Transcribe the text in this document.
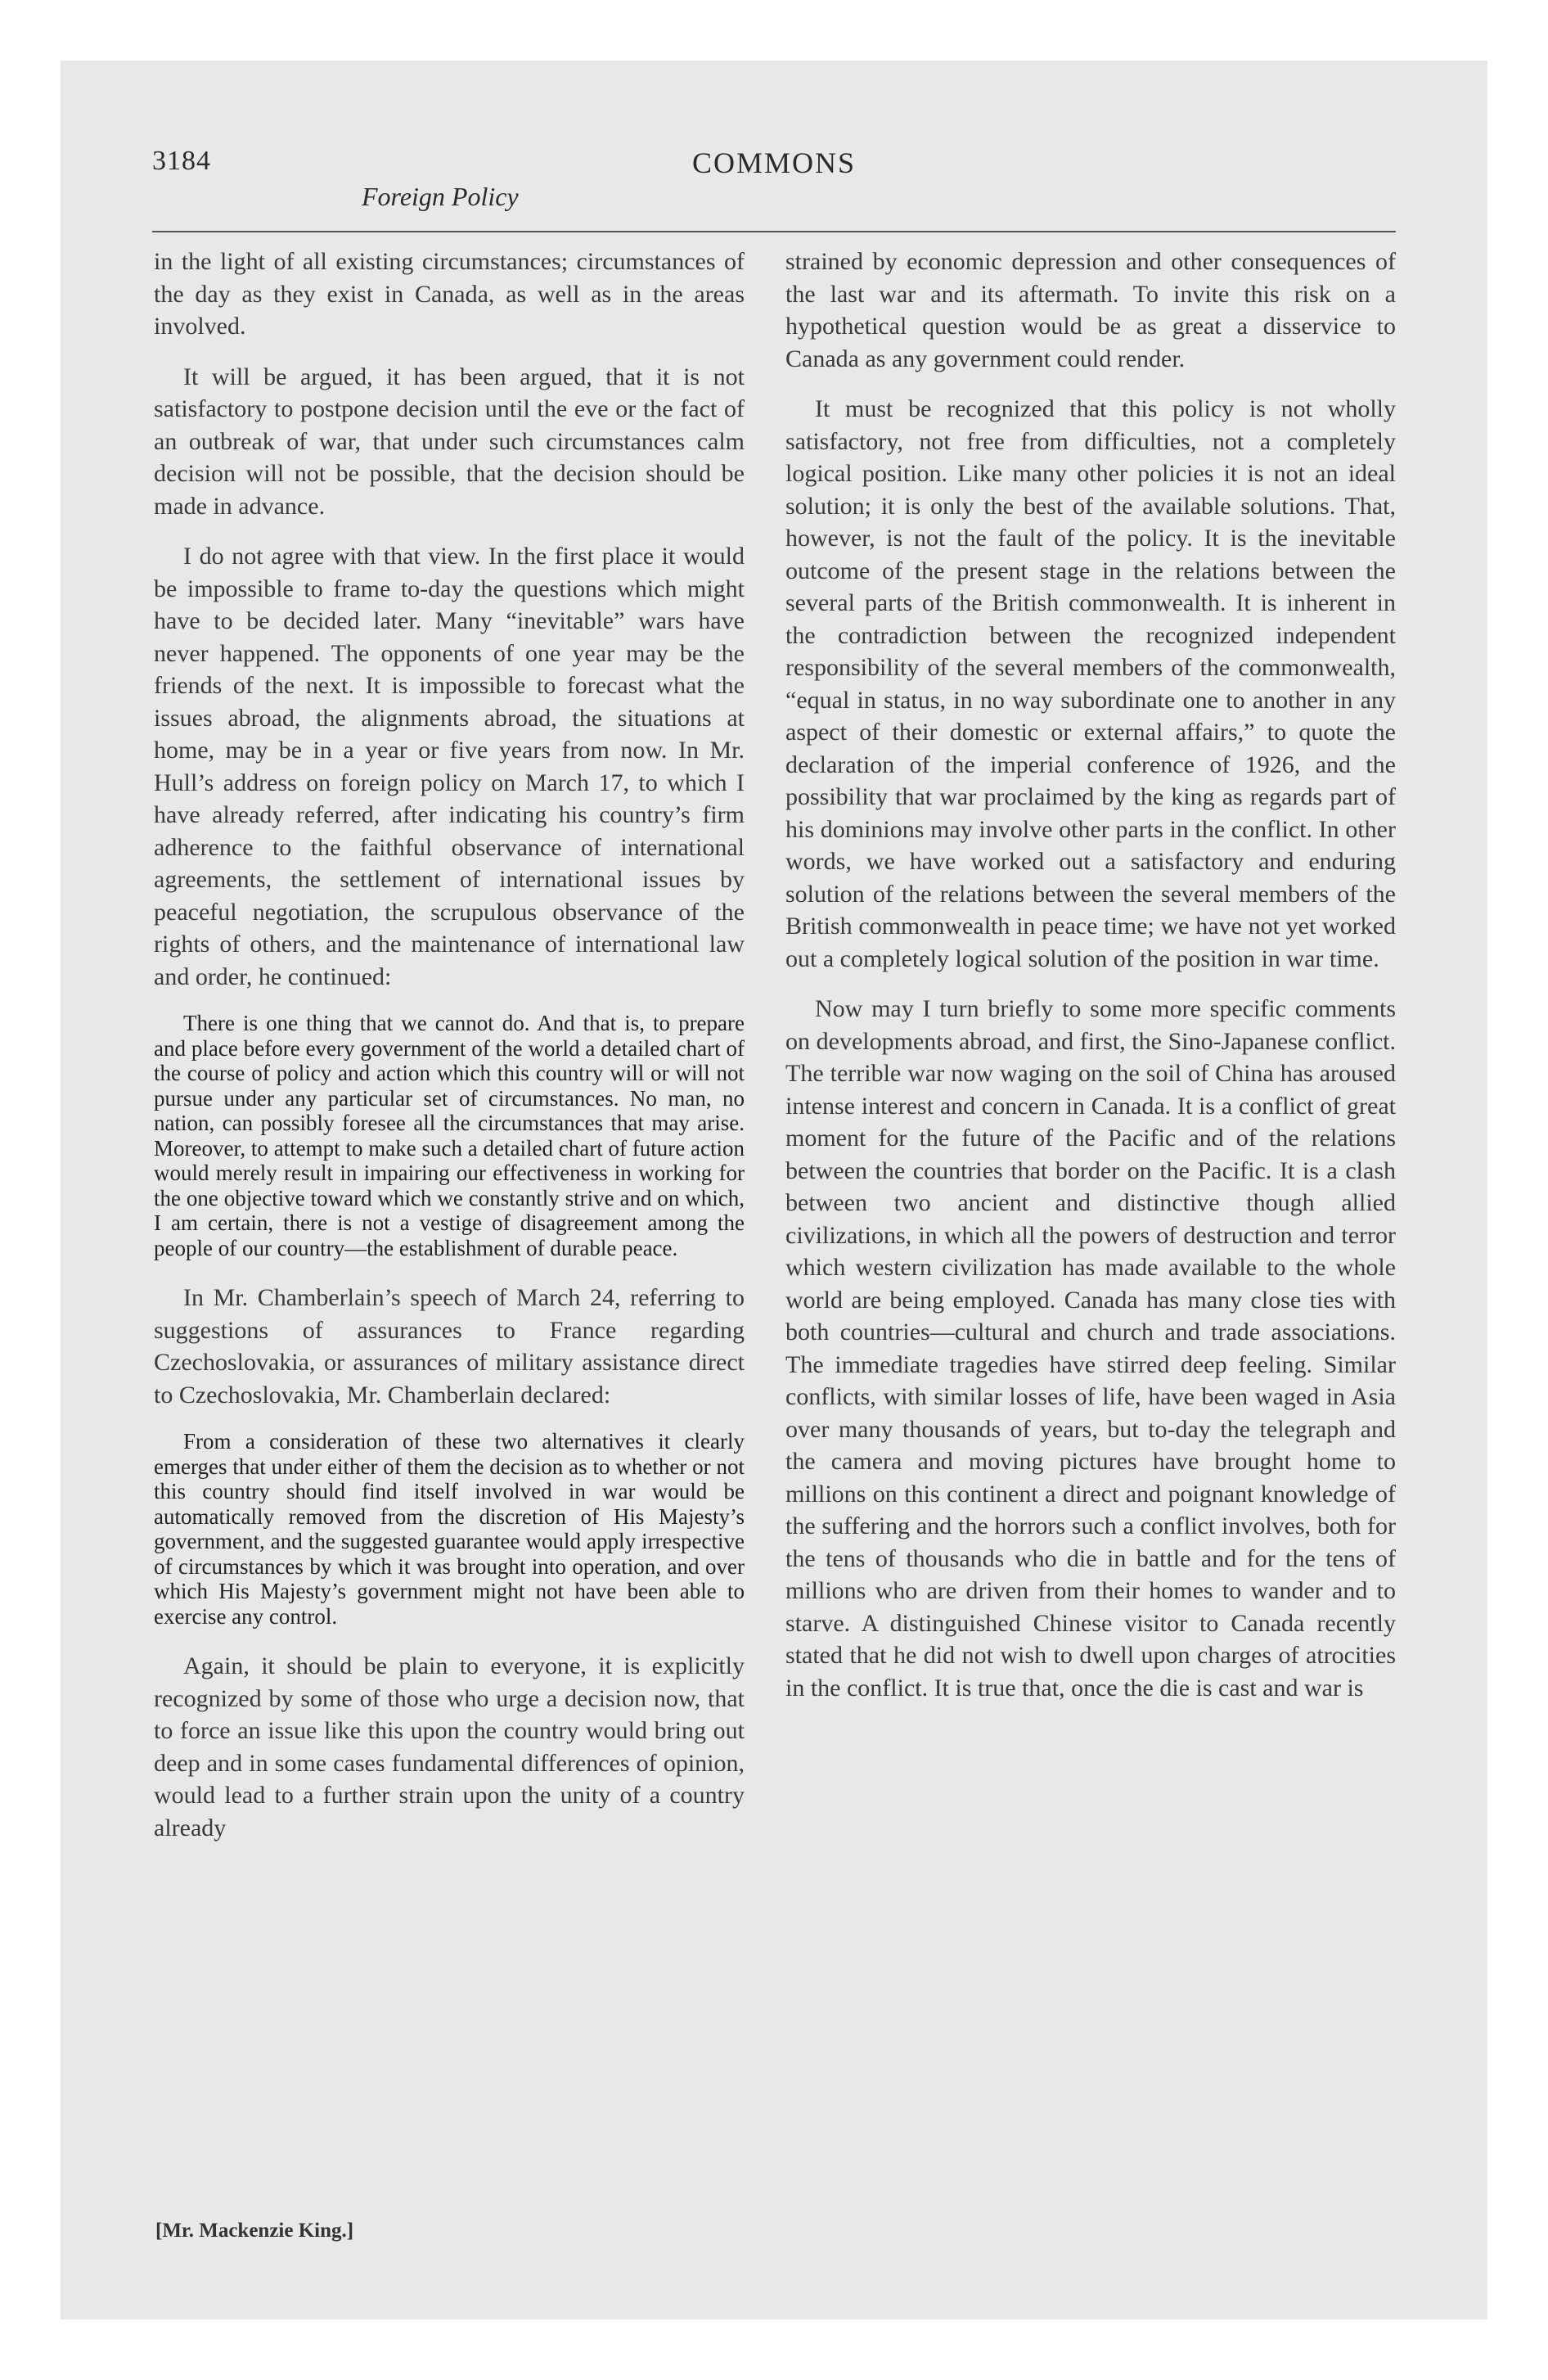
3184	COMMONS
Foreign Policy

in the light of all existing circumstances; circumstances of the day as they exist in Canada, as well as in the areas involved.

It will be argued, it has been argued, that it is not satisfactory to postpone decision until the eve or the fact of an outbreak of war, that under such circumstances calm decision will not be possible, that the decision should be made in advance.

I do not agree with that view. In the first place it would be impossible to frame to-day the questions which might have to be decided later. Many “inevitable” wars have never happened. The opponents of one year may be the friends of the next. It is impossible to forecast what the issues abroad, the alignments abroad, the situations at home, may be in a year or five years from now. In Mr. Hull’s address on foreign policy on March 17, to which I have already referred, after indicating his country’s firm adherence to the faithful observance of international agreements, the settlement of international issues by peaceful negotiation, the scrupulous observance of the rights of others, and the maintenance of international law and order, he continued:

There is one thing that we cannot do. And that is, to prepare and place before every government of the world a detailed chart of the course of policy and action which this country will or will not pursue under any particular set of circumstances. No man, no nation, can possibly foresee all the circumstances that may arise. Moreover, to attempt to make such a detailed chart of future action would merely result in impairing our effectiveness in working for the one objective toward which we constantly strive and on which, I am certain, there is not a vestige of disagreement among the people of our country—the establishment of durable peace.

In Mr. Chamberlain’s speech of March 24, referring to suggestions of assurances to France regarding Czechoslovakia, or assurances of military assistance direct to Czechoslovakia, Mr. Chamberlain declared:

From a consideration of these two alternatives it clearly emerges that under either of them the decision as to whether or not this country should find itself involved in war would be automatically removed from the discretion of His Majesty’s government, and the suggested guarantee would apply irrespective of circumstances by which it was brought into operation, and over which His Majesty’s government might not have been able to exercise any control.

Again, it should be plain to everyone, it is explicitly recognized by some of those who urge a decision now, that to force an issue like this upon the country would bring out deep and in some cases fundamental differences of opinion, would lead to a further strain upon the unity of a country already

strained by economic depression and other consequences of the last war and its aftermath. To invite this risk on a hypothetical question would be as great a disservice to Canada as any government could render.

It must be recognized that this policy is not wholly satisfactory, not free from difficulties, not a completely logical position. Like many other policies it is not an ideal solution; it is only the best of the available solutions. That, however, is not the fault of the policy. It is the inevitable outcome of the present stage in the relations between the several parts of the British commonwealth. It is inherent in the contradiction between the recognized independent responsibility of the several members of the commonwealth, “equal in status, in no way subordinate one to another in any aspect of their domestic or external affairs,” to quote the declaration of the imperial conference of 1926, and the possibility that war proclaimed by the king as regards part of his dominions may involve other parts in the conflict. In other words, we have worked out a satisfactory and enduring solution of the relations between the several members of the British commonwealth in peace time; we have not yet worked out a completely logical solution of the position in war time.

Now may I turn briefly to some more specific comments on developments abroad, and first, the Sino-Japanese conflict. The terrible war now waging on the soil of China has aroused intense interest and concern in Canada. It is a conflict of great moment for the future of the Pacific and of the relations between the countries that border on the Pacific. It is a clash between two ancient and distinctive though allied civilizations, in which all the powers of destruction and terror which western civilization has made available to the whole world are being employed. Canada has many close ties with both countries—cultural and church and trade associations. The immediate tragedies have stirred deep feeling. Similar conflicts, with similar losses of life, have been waged in Asia over many thousands of years, but to-day the telegraph and the camera and moving pictures have brought home to millions on this continent a direct and poignant knowledge of the suffering and the horrors such a conflict involves, both for the tens of thousands who die in battle and for the tens of millions who are driven from their homes to wander and to starve. A distinguished Chinese visitor to Canada recently stated that he did not wish to dwell upon charges of atrocities in the conflict. It is true that, once the die is cast and war is

[Mr. Mackenzie King.]
